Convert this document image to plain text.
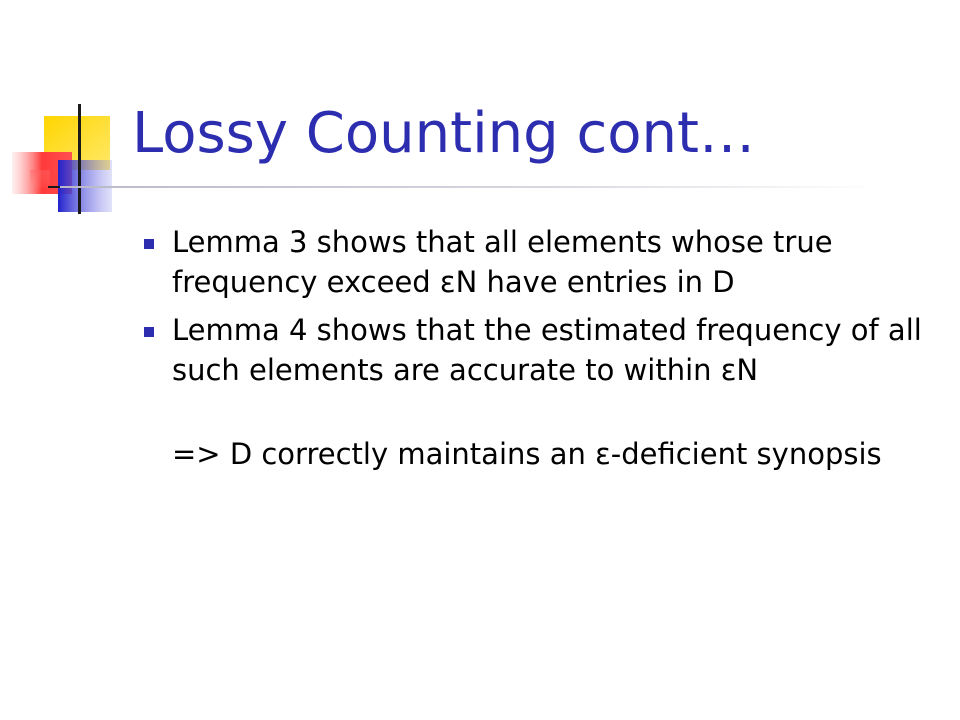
Lossy Counting cont…
Lemma 3 shows that all elements whose true frequency exceed εN have entries in D
Lemma 4 shows that the estimated frequency of all such elements are accurate to within εN
=> D correctly maintains an ε-deficient synopsis
